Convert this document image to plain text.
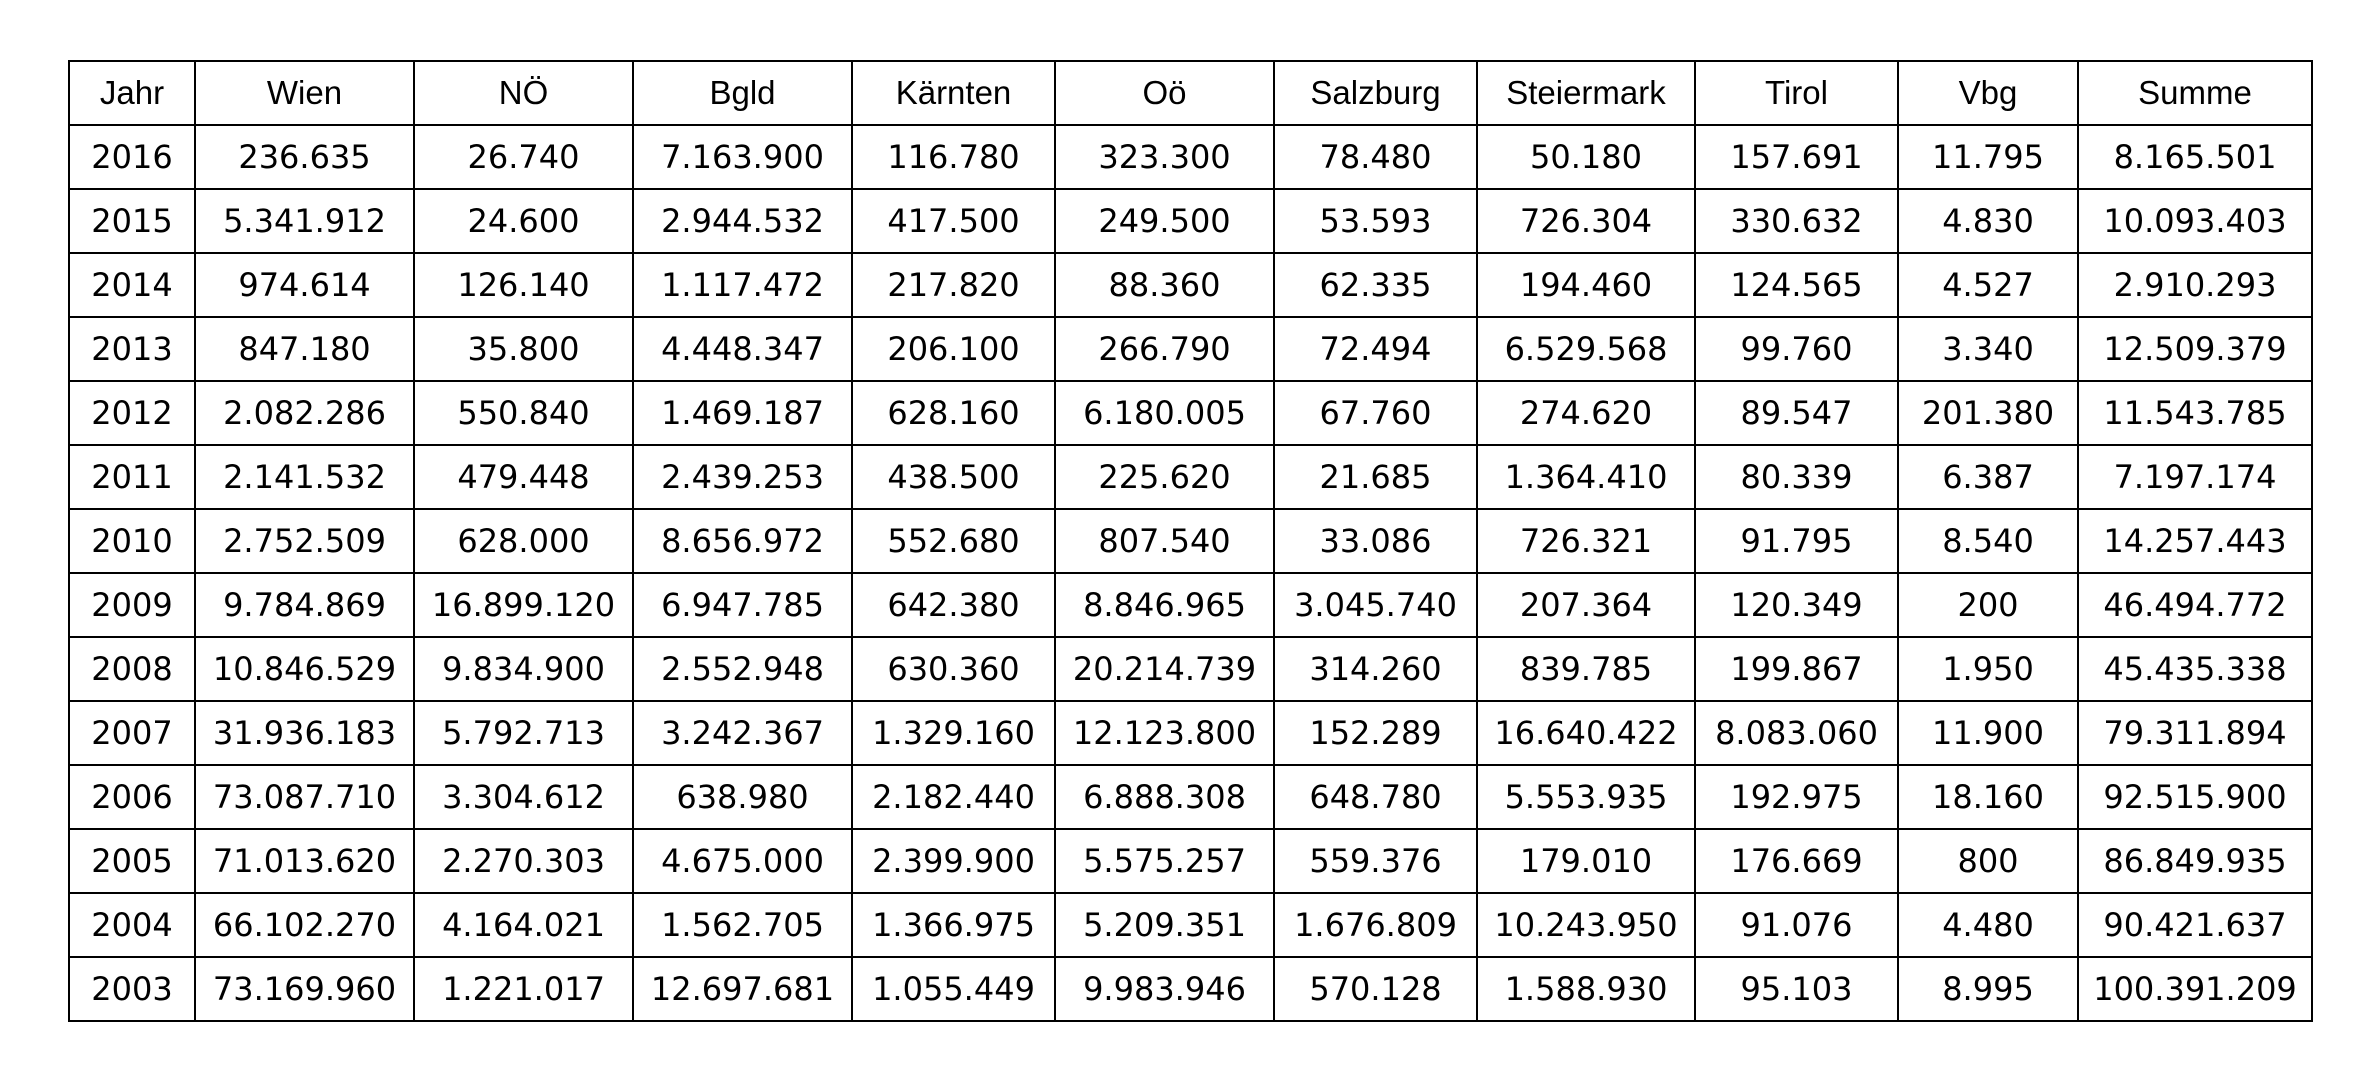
Jahr	Wien	NÖ	Bgld	Kärnten	Oö	Salzburg	Steiermark	Tirol	Vbg	Summe
2016	236.635	26.740	7.163.900	116.780	323.300	78.480	50.180	157.691	11.795	8.165.501
2015	5.341.912	24.600	2.944.532	417.500	249.500	53.593	726.304	330.632	4.830	10.093.403
2014	974.614	126.140	1.117.472	217.820	88.360	62.335	194.460	124.565	4.527	2.910.293
2013	847.180	35.800	4.448.347	206.100	266.790	72.494	6.529.568	99.760	3.340	12.509.379
2012	2.082.286	550.840	1.469.187	628.160	6.180.005	67.760	274.620	89.547	201.380	11.543.785
2011	2.141.532	479.448	2.439.253	438.500	225.620	21.685	1.364.410	80.339	6.387	7.197.174
2010	2.752.509	628.000	8.656.972	552.680	807.540	33.086	726.321	91.795	8.540	14.257.443
2009	9.784.869	16.899.120	6.947.785	642.380	8.846.965	3.045.740	207.364	120.349	200	46.494.772
2008	10.846.529	9.834.900	2.552.948	630.360	20.214.739	314.260	839.785	199.867	1.950	45.435.338
2007	31.936.183	5.792.713	3.242.367	1.329.160	12.123.800	152.289	16.640.422	8.083.060	11.900	79.311.894
2006	73.087.710	3.304.612	638.980	2.182.440	6.888.308	648.780	5.553.935	192.975	18.160	92.515.900
2005	71.013.620	2.270.303	4.675.000	2.399.900	5.575.257	559.376	179.010	176.669	800	86.849.935
2004	66.102.270	4.164.021	1.562.705	1.366.975	5.209.351	1.676.809	10.243.950	91.076	4.480	90.421.637
2003	73.169.960	1.221.017	12.697.681	1.055.449	9.983.946	570.128	1.588.930	95.103	8.995	100.391.209
